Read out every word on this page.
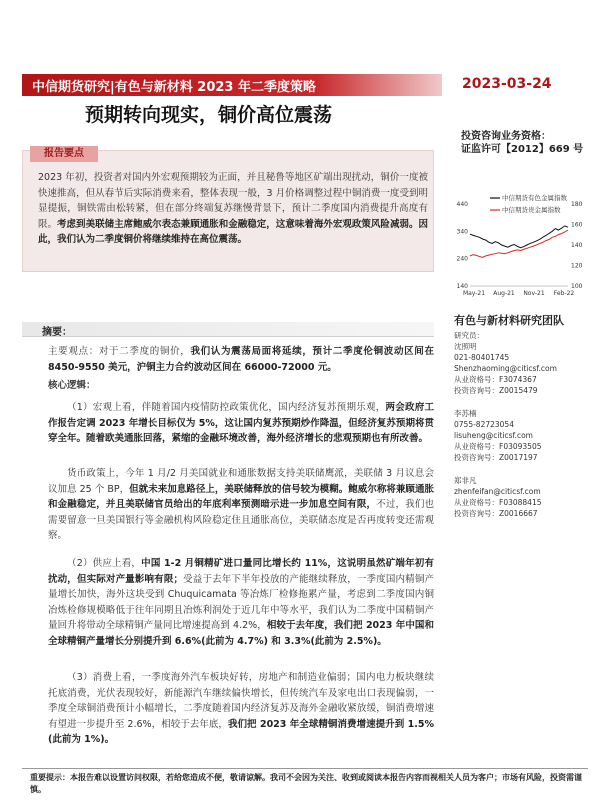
中信期货研究|有色与新材料 2023 年二季度策略	2023-03-24
预期转向现实，铜价高位震荡
投资咨询业务资格：
证监许可【2012】669 号
报告要点
2023 年初，投资者对国内外宏观预期较为正面，并且秘鲁等地区矿端出现扰动，铜价一度被快速推高，但从春节后实际消费来看，整体表现一般，3 月价格调整过程中铜消费一度受到明显提振，铜铁需由松转紧，但在部分终端复苏继慢背景下，预计二季度国内消费提升高度有限。考虑到美联储主席鲍威尔表态兼顾通胀和金融稳定，这意味着海外宏观政策风险减弱。因此，我们认为二季度铜价将继续维持在高位震荡。
中信期货有色金属指数
中信期货贵金属指数
440
340
240
140
180
160
140
120
100
May-21 Aug-21 Nov-21 Feb-22
有色与新材料研究团队
研究员：
沈照明
021-80401745
Shenzhaoming@citicsf.com
从业资格号：F3074367
投资咨询号：Z0015479
李苏楠
0755-82723054
lisuheng@citicsf.com
从业资格号：F03093505
投资咨询号：Z0017197
郑非凡
zhenfeifan@citicsf.com
从业资格号：F03088415
投资咨询号：Z0016667
摘要：
主要观点：对于二季度的铜价，我们认为震荡局面将延续，预计二季度伦铜波动区间在 8450-9550 美元，沪铜主力合约波动区间在 66000-72000 元。
核心逻辑：
（1）宏观上看，伴随着国内疫情防控政策优化，国内经济复苏预期乐观，两会政府工作报告定调 2023 年增长目标仅为 5%，这让国内复苏预期炒作降温，但经济复苏预期将贯穿全年。随着欧美通胀回落，紧缩的金融环境改善，海外经济增长的悲观预期也有所改善。
货币政策上，今年 1 月/2 月美国就业和通胀数据支持美联储鹰派，美联储 3 月议息会议加息 25 个 BP，但就未来加息路径上，美联储释放的信号较为模糊。鲍威尔称将兼顾通胀和金融稳定，并且美联储官员给出的年底利率预测暗示进一步加息空间有限，不过，我们也需要留意一旦美国银行等金融机构风险稳定住且通胀高位，美联储态度是否再度转变还需观察。
（2）供应上看，中国 1-2 月铜精矿进口量同比增长约 11%，这说明虽然矿端年初有扰动，但实际对产量影响有限；受益于去年下半年投放的产能继续释放，一季度国内精铜产量增长加快，海外这块受到 Chuquicamata 等冶炼厂检修拖累产量，考虑到二季度国内铜冶炼检修规模略低于往年同期且冶炼利润处于近几年中等水平，我们认为二季度中国精铜产量回升将带动全球精铜产量同比增速提高到 4.2%，相较于去年度，我们把 2023 年中国和全球精铜产量增长分别提升到 6.6%(此前为 4.7%) 和 3.3%(此前为 2.5%)。
（3）消费上看，一季度海外汽车板块好转，房地产和制造业偏弱；国内电力板块继续托底消费，光伏表现较好，新能源汽车继续偏快增长，但传统汽车及家电出口表现偏弱，一季度全球铜消费预计小幅增长，二季度随着国内经济复苏及海外金融收紧放缓，铜消费增速有望进一步提升至 2.6%，相较于去年底，我们把 2023 年全球精铜消费增速提升到 1.5%(此前为 1%)。
重要提示：本报告难以设置访问权限，若给您造成不便，敬请谅解。我司不会因为关注、收到或阅读本报告内容而视相关人员为客户；市场有风险，投资需谨慎。
